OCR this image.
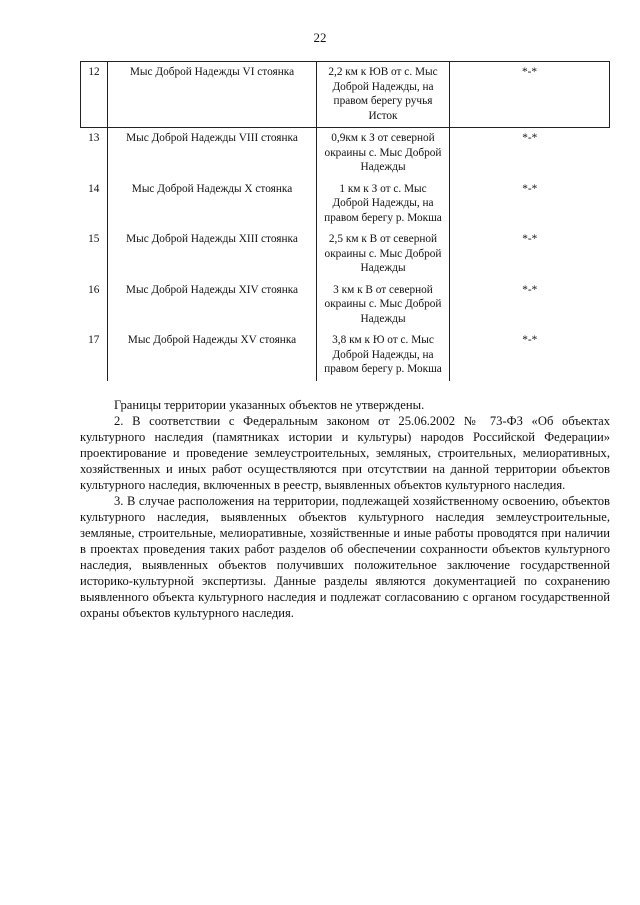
22
12	Мыс Доброй Надежды VI стоянка	2,2 км к ЮВ от с. Мыс Доброй Надежды, на правом берегу ручья Исток	*-*
13	Мыс Доброй Надежды VIII стоянка	0,9км к З от северной окраины с. Мыс Доброй Надежды	*-*
14	Мыс Доброй Надежды X стоянка	1 км к З от с. Мыс Доброй Надежды, на правом берегу р. Мокша	*-*
15	Мыс Доброй Надежды XIII стоянка	2,5 км к В от северной окраины с. Мыс Доброй Надежды	*-*
16	Мыс Доброй Надежды XIV стоянка	3 км к В от северной окраины с. Мыс Доброй Надежды	*-*
17	Мыс Доброй Надежды XV стоянка	3,8 км к Ю от с. Мыс Доброй Надежды, на правом берегу р. Мокша	*-*

Границы территории указанных объектов не утверждены.

2. В соответствии с Федеральным законом от 25.06.2002 № 73-ФЗ «Об объектах культурного наследия (памятниках истории и культуры) народов Российской Федерации» проектирование и проведение землеустроительных, земляных, строительных, мелиоративных, хозяйственных и иных работ осуществляются при отсутствии на данной территории объектов культурного наследия, включенных в реестр, выявленных объектов культурного наследия.

3. В случае расположения на территории, подлежащей хозяйственному освоению, объектов культурного наследия, выявленных объектов культурного наследия землеустроительные, земляные, строительные, мелиоративные, хозяйственные и иные работы проводятся при наличии в проектах проведения таких работ разделов об обеспечении сохранности объектов культурного наследия, выявленных объектов получивших положительное заключение государственной историко-культурной экспертизы. Данные разделы являются документацией по сохранению выявленного объекта культурного наследия и подлежат согласованию с органом государственной охраны объектов культурного наследия.
